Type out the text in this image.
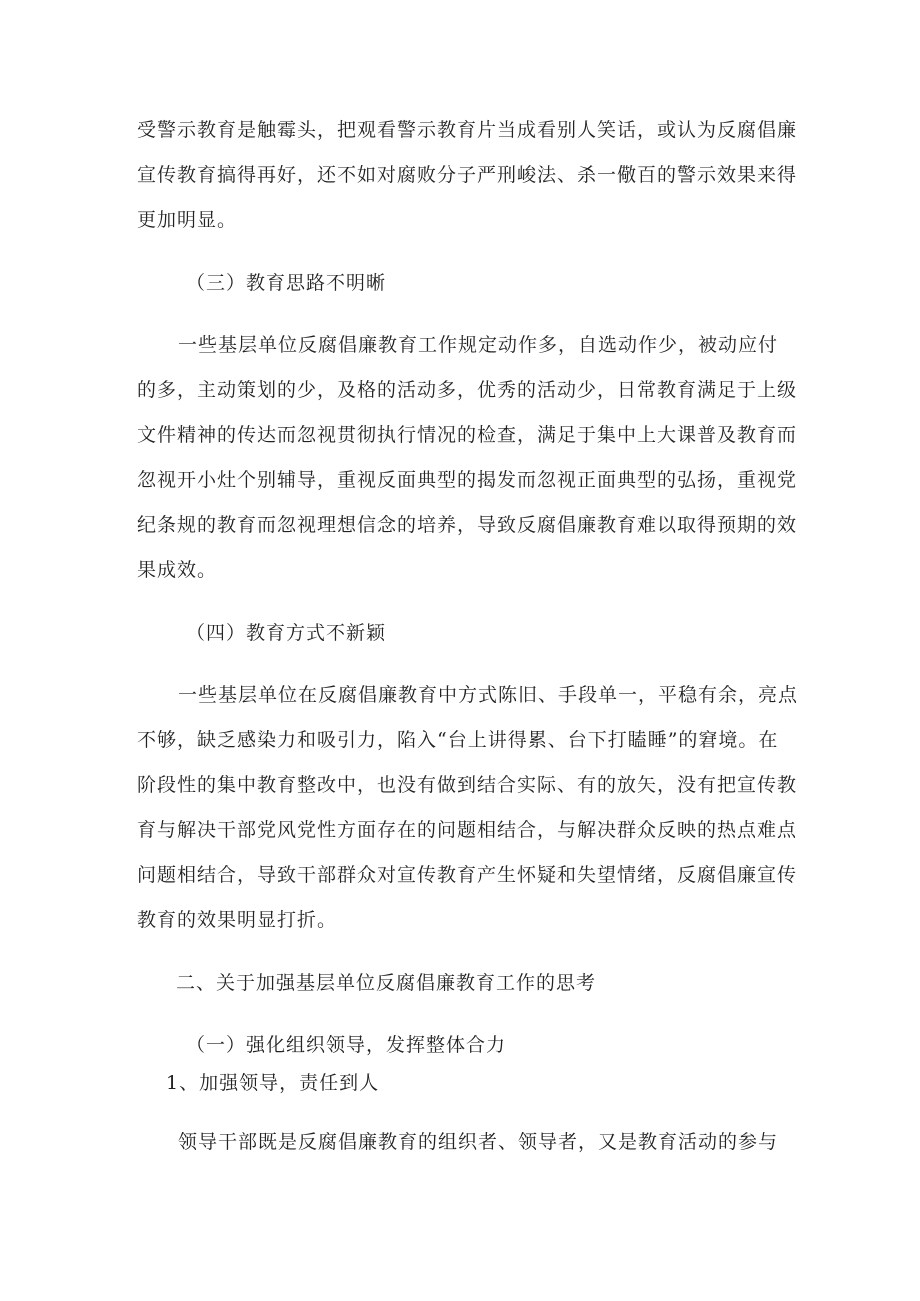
受警示教育是触霉头，把观看警示教育片当成看别人笑话，或认为反腐倡廉

宣传教育搞得再好，还不如对腐败分子严刑峻法、杀一儆百的警示效果来得

更加明显。

（三）教育思路不明晰

一些基层单位反腐倡廉教育工作规定动作多，自选动作少，被动应付

的多，主动策划的少，及格的活动多，优秀的活动少，日常教育满足于上级

文件精神的传达而忽视贯彻执行情况的检查，满足于集中上大课普及教育而

忽视开小灶个别辅导，重视反面典型的揭发而忽视正面典型的弘扬，重视党

纪条规的教育而忽视理想信念的培养，导致反腐倡廉教育难以取得预期的效

果成效。

（四）教育方式不新颖

一些基层单位在反腐倡廉教育中方式陈旧、手段单一，平稳有余，亮点

不够，缺乏感染力和吸引力，陷入“台上讲得累、台下打瞌睡”的窘境。在

阶段性的集中教育整改中，也没有做到结合实际、有的放矢，没有把宣传教

育与解决干部党风党性方面存在的问题相结合，与解决群众反映的热点难点

问题相结合，导致干部群众对宣传教育产生怀疑和失望情绪，反腐倡廉宣传

教育的效果明显打折。

二、关于加强基层单位反腐倡廉教育工作的思考

（一）强化组织领导，发挥整体合力

1、加强领导，责任到人

领导干部既是反腐倡廉教育的组织者、领导者，又是教育活动的参与
